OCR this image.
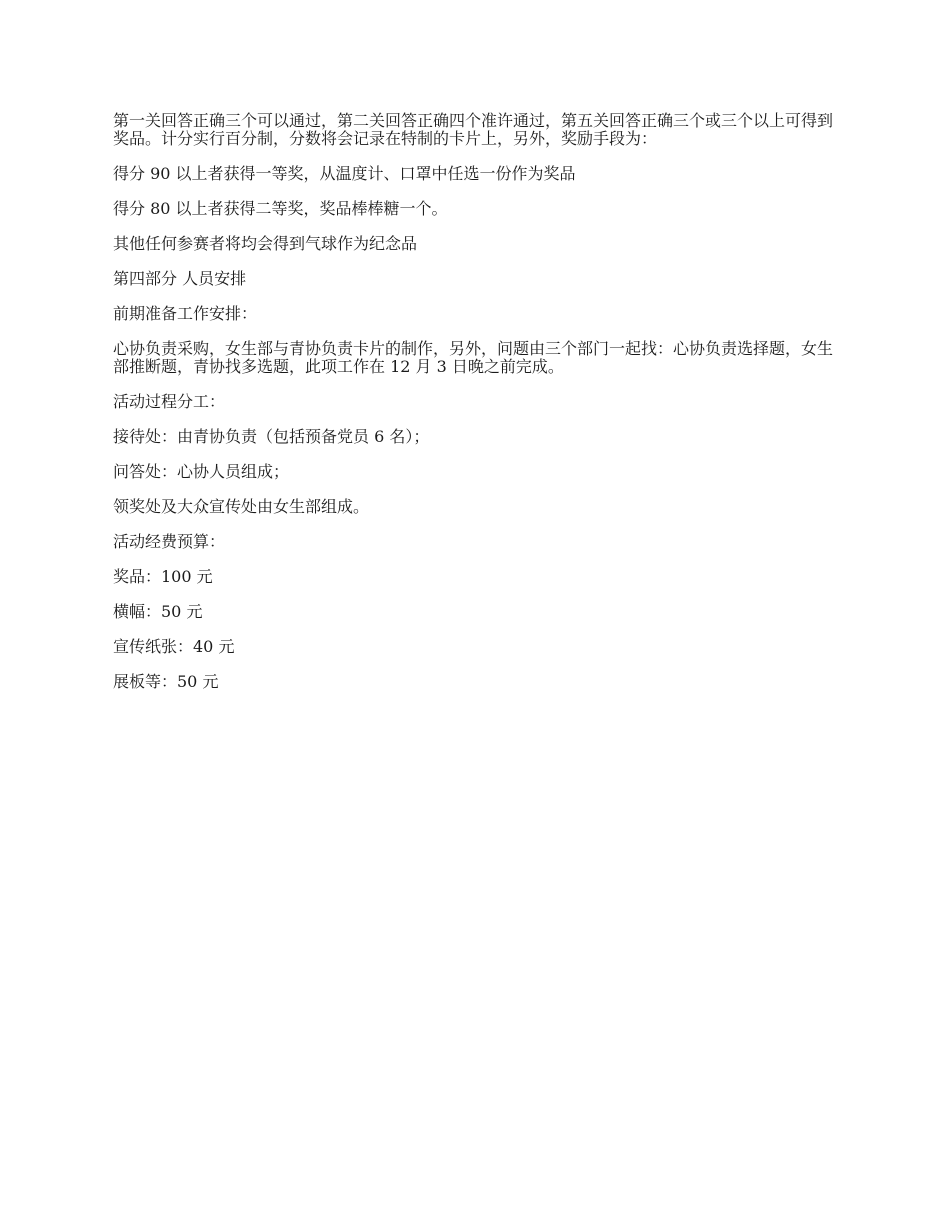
第一关回答正确三个可以通过，第二关回答正确四个准许通过，第五关回答正确三个或三个以上可得到奖品。计分实行百分制，分数将会记录在特制的卡片上，另外，奖励手段为：

得分 90 以上者获得一等奖，从温度计、口罩中任选一份作为奖品

得分 80 以上者获得二等奖，奖品棒棒糖一个。

其他任何参赛者将均会得到气球作为纪念品

第四部分 人员安排

前期准备工作安排：

心协负责采购，女生部与青协负责卡片的制作，另外，问题由三个部门一起找：心协负责选择题，女生部推断题，青协找多选题，此项工作在 12 月 3 日晚之前完成。

活动过程分工：

接待处：由青协负责（包括预备党员 6 名）；

问答处：心协人员组成；

领奖处及大众宣传处由女生部组成。

活动经费预算：

奖品：100 元

横幅：50 元

宣传纸张：40 元

展板等：50 元
